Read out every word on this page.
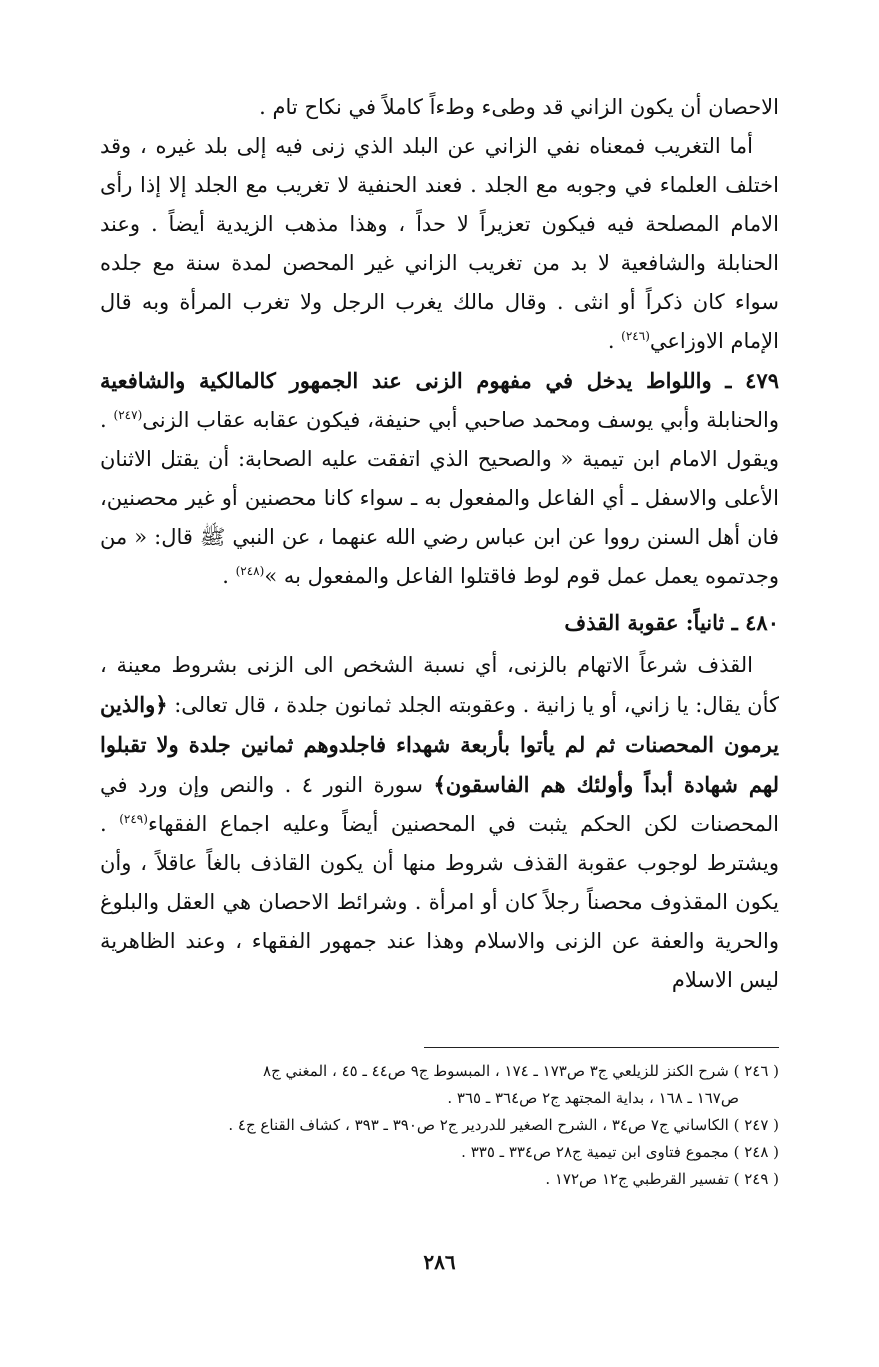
الاحصان أن يكون الزاني قد وطىء وطءاً كاملاً في نكاح تام .

أما التغريب فمعناه نفي الزاني عن البلد الذي زنى فيه إلى بلد غيره ، وقد اختلف العلماء في وجوبه مع الجلد . فعند الحنفية لا تغريب مع الجلد إلا إذا رأى الامام المصلحة فيه فيكون تعزيراً لا حداً ، وهذا مذهب الزيدية أيضاً . وعند الحنابلة والشافعية لا بد من تغريب الزاني غير المحصن لمدة سنة مع جلده سواء كان ذكراً أو انثى . وقال مالك يغرب الرجل ولا تغرب المرأة وبه قال الإمام الاوزاعي$^{(٢٤٦)}$ .

٤٧٩ ـ واللواط يدخل في مفهوم الزنى عند الجمهور كالمالكية والشافعية والحنابلة وأبي يوسف ومحمد صاحبي أبي حنيفة، فيكون عقابه عقاب الزنى$^{(٢٤٧)}$ . ويقول الامام ابن تيمية « والصحيح الذي اتفقت عليه الصحابة: أن يقتل الاثنان الأعلى والاسفل ـ أي الفاعل والمفعول به ـ سواء كانا محصنين أو غير محصنين، فان أهل السنن رووا عن ابن عباس رضي الله عنهما ، عن النبي ﷺ قال: « من وجدتموه يعمل عمل قوم لوط فاقتلوا الفاعل والمفعول به »$^{(٢٤٨)}$ .

٤٨٠ ـ ثانياً: عقوبة القذف

القذف شرعاً الاتهام بالزنى، أي نسبة الشخص الى الزنى بشروط معينة ، كأن يقال: يا زاني، أو يا زانية . وعقوبته الجلد ثمانون جلدة ، قال تعالى: ﴿والذين يرمون المحصنات ثم لم يأتوا بأربعة شهداء فاجلدوهم ثمانين جلدة ولا تقبلوا لهم شهادة أبداً وأولئك هم الفاسقون﴾ سورة النور ٤ . والنص وإن ورد في المحصنات لكن الحكم يثبت في المحصنين أيضاً وعليه اجماع الفقهاء$^{(٢٤٩)}$ . ويشترط لوجوب عقوبة القذف شروط منها أن يكون القاذف بالغاً عاقلاً ، وأن يكون المقذوف محصناً رجلاً كان أو امرأة . وشرائط الاحصان هي العقل والبلوغ والحرية والعفة عن الزنى والاسلام وهذا عند جمهور الفقهاء ، وعند الظاهرية ليس الاسلام

( ٢٤٦ ) شرح الكنز للزيلعي ج٣ ص١٧٣ ـ ١٧٤ ، المبسوط ج٩ ص٤٤ ـ ٤٥ ، المغني ج٨

ص١٦٧ ـ ١٦٨ ، بداية المجتهد ج٢ ص٣٦٤ ـ ٣٦٥ .

( ٢٤٧ ) الكاساني ج٧ ص٣٤ ، الشرح الصغير للدردير ج٢ ص٣٩٠ ـ ٣٩٣ ، كشاف القناع ج٤ .

( ٢٤٨ ) مجموع فتاوى ابن تيمية ج٢٨ ص٣٣٤ ـ ٣٣٥ .

( ٢٤٩ ) تفسير القرطبي ج١٢ ص١٧٢ .

٢٨٦
